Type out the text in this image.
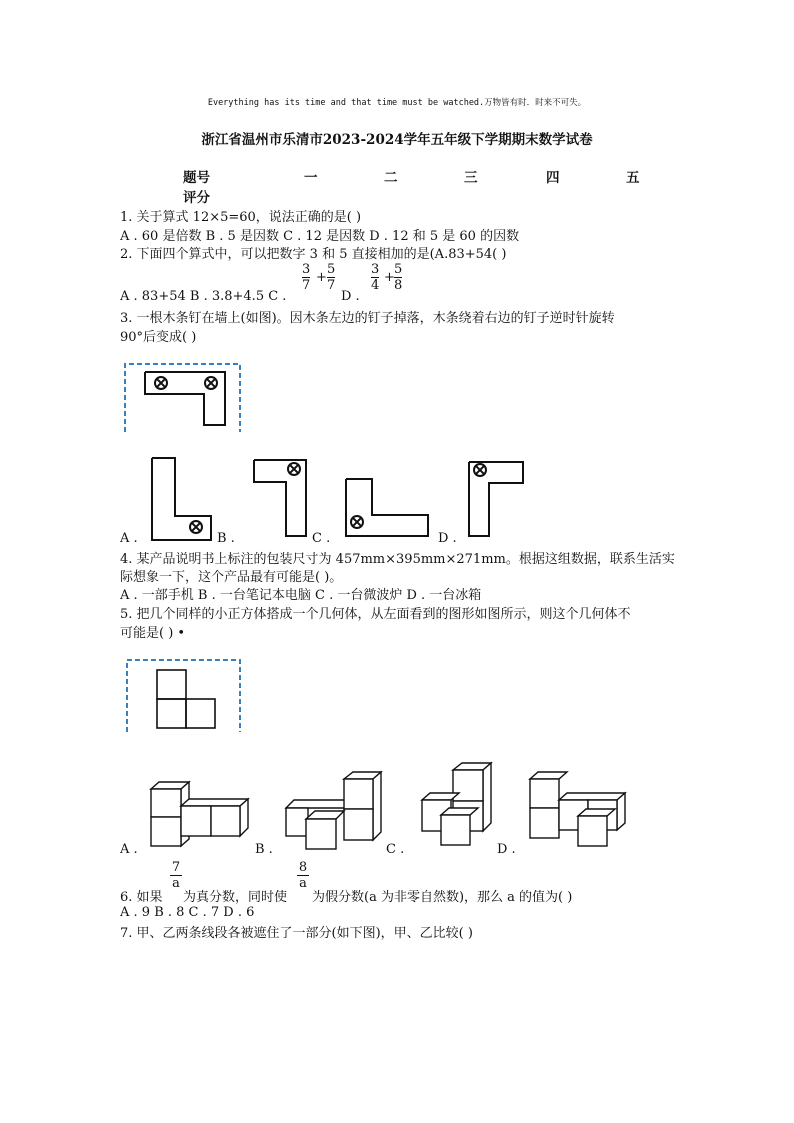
Everything has its time and that time must be watched.万物皆有时．时来不可失。
浙江省温州市乐清市2023-2024学年五年级下学期期末数学试卷
题号	一	二	三	四	五
评分
1. 关于算式 12×5=60，说法正确的是( )
A . 60 是倍数 B . 5 是因数 C . 12 是因数 D . 12 和 5 是 60 的因数
2. 下面四个算式中，可以把数字 3 和 5 直接相加的是(A.83+54( )
A . 83+54 B . 3.8+4.5 C .
$\frac{3}{7} + \frac{5}{7}$
D .
$\frac{3}{4} + \frac{5}{8}$
3. 一根木条钉在墙上(如图)。因木条左边的钉子掉落，木条绕着右边的钉子逆时针旋转
90°后变成( )
A .	B .	C .	D .
4. 某产品说明书上标注的包装尺寸为 457mm×395mm×271mm。根据这组数据，联系生活实
际想象一下，这个产品最有可能是( )。
A . 一部手机 B . 一台笔记本电脑 C . 一台微波炉 D . 一台冰箱
5. 把几个同样的小正方体搭成一个几何体，从左面看到的图形如图所示，则这个几何体不
可能是( ) •
A .	B .	C .	D .
$\frac{7}{a}$	$\frac{8}{a}$
6. 如果 为真分数，同时使 为假分数(a 为非零自然数)，那么 a 的值为( )
A . 9 B . 8 C . 7 D . 6
7. 甲、乙两条线段各被遮住了一部分(如下图)，甲、乙比较( )
